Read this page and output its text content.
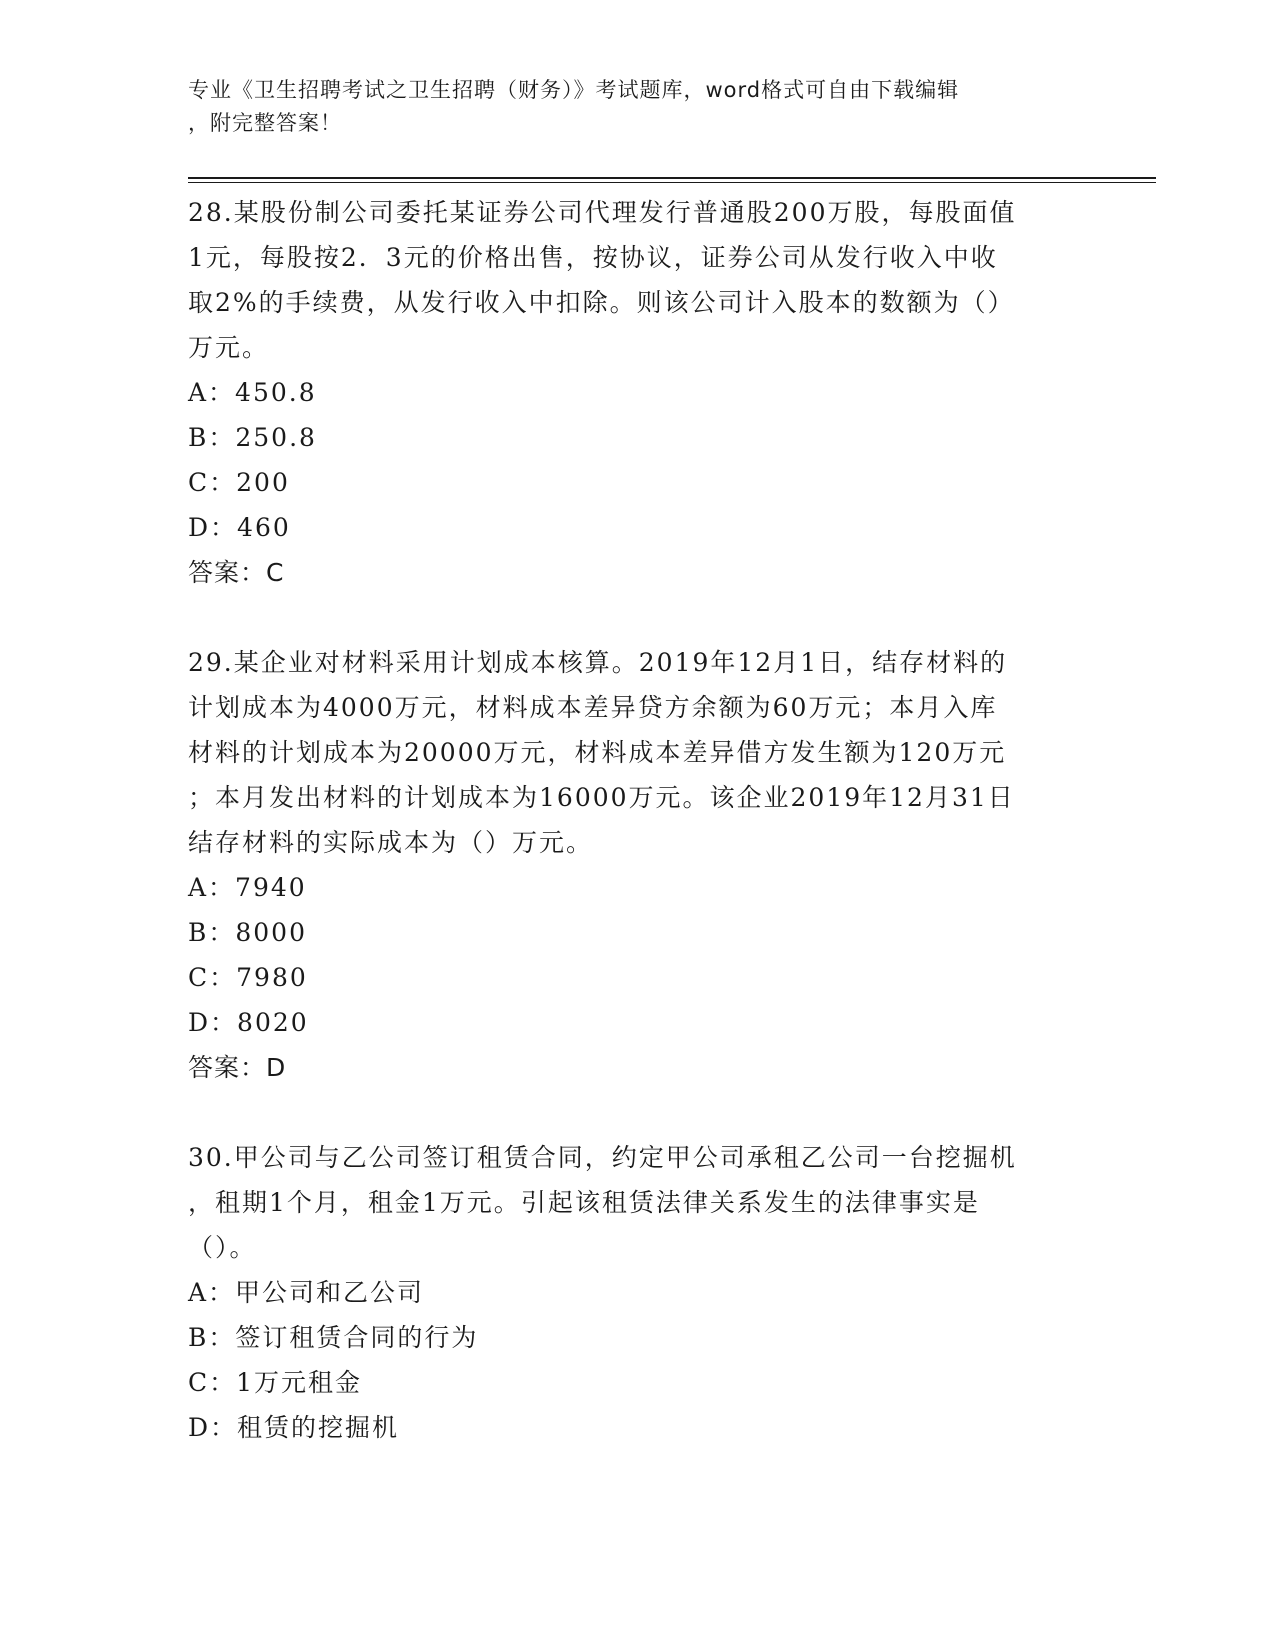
专业《卫生招聘考试之卫生招聘（财务）》考试题库，word格式可自由下载编辑
，附完整答案！
28.某股份制公司委托某证券公司代理发行普通股200万股，每股面值
1元，每股按2．3元的价格出售，按协议，证券公司从发行收入中收
取2%的手续费，从发行收入中扣除。则该公司计入股本的数额为（）
万元。
A：450.8
B：250.8
C：200
D：460
答案：C
29.某企业对材料采用计划成本核算。2019年12月1日，结存材料的
计划成本为4000万元，材料成本差异贷方余额为60万元；本月入库
材料的计划成本为20000万元，材料成本差异借方发生额为120万元
；本月发出材料的计划成本为16000万元。该企业2019年12月31日
结存材料的实际成本为（）万元。
A：7940
B：8000
C：7980
D：8020
答案：D
30.甲公司与乙公司签订租赁合同，约定甲公司承租乙公司一台挖掘机
，租期1个月，租金1万元。引起该租赁法律关系发生的法律事实是
（）。
A：甲公司和乙公司
B：签订租赁合同的行为
C：1万元租金
D：租赁的挖掘机
